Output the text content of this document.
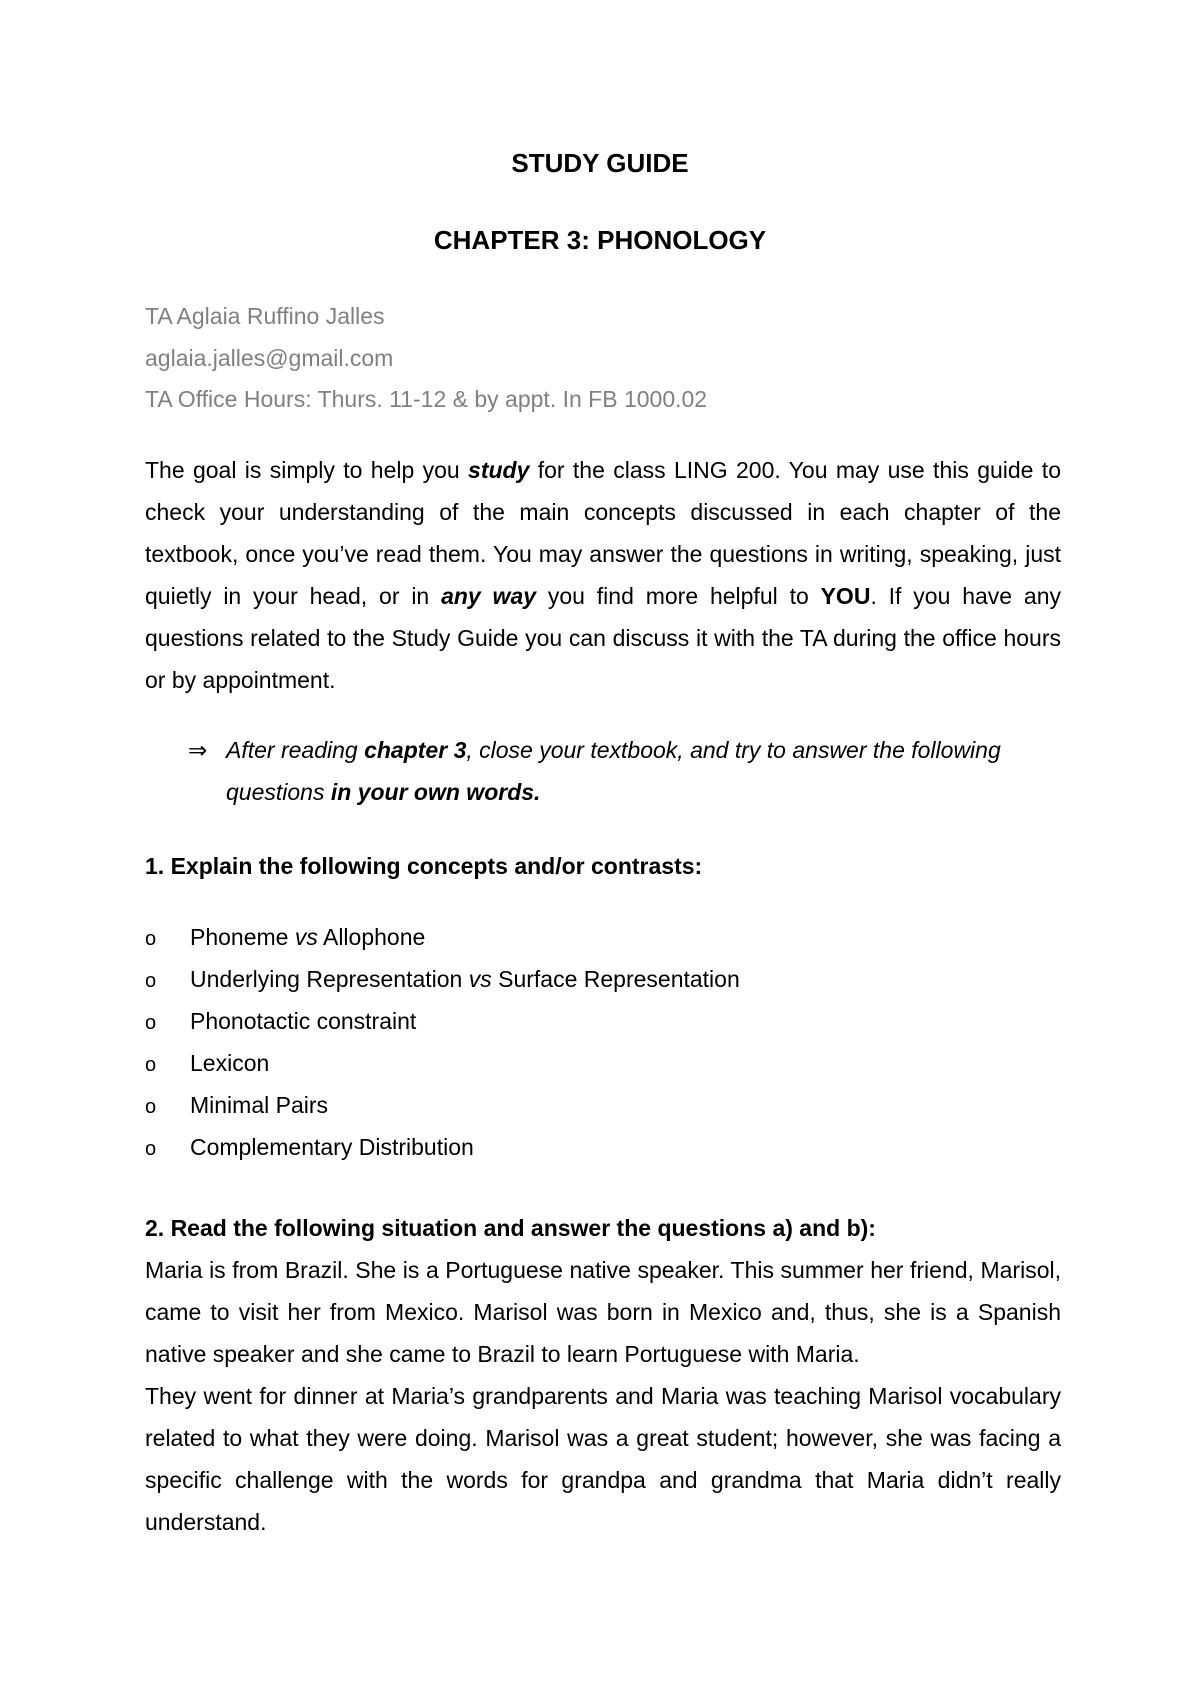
STUDY GUIDE
CHAPTER 3: PHONOLOGY

TA Aglaia Ruffino Jalles

aglaia.jalles@gmail.com

TA Office Hours: Thurs. 11-12 & by appt. In FB 1000.02

The goal is simply to help you study for the class LING 200. You may use this guide to check your understanding of the main concepts discussed in each chapter of the textbook, once you’ve read them. You may answer the questions in writing, speaking, just quietly in your head, or in any way you find more helpful to YOU. If you have any questions related to the Study Guide you can discuss it with the TA during the office hours or by appointment.

⇒ After reading chapter 3, close your textbook, and try to answer the following questions in your own words.

1. Explain the following concepts and/or contrasts:

o Phoneme vs Allophone
o Underlying Representation vs Surface Representation
o Phonotactic constraint
o Lexicon
o Minimal Pairs
o Complementary Distribution

2. Read the following situation and answer the questions a) and b):

Maria is from Brazil. She is a Portuguese native speaker. This summer her friend, Marisol, came to visit her from Mexico. Marisol was born in Mexico and, thus, she is a Spanish native speaker and she came to Brazil to learn Portuguese with Maria.

They went for dinner at Maria’s grandparents and Maria was teaching Marisol vocabulary related to what they were doing. Marisol was a great student; however, she was facing a specific challenge with the words for grandpa and grandma that Maria didn’t really understand.
